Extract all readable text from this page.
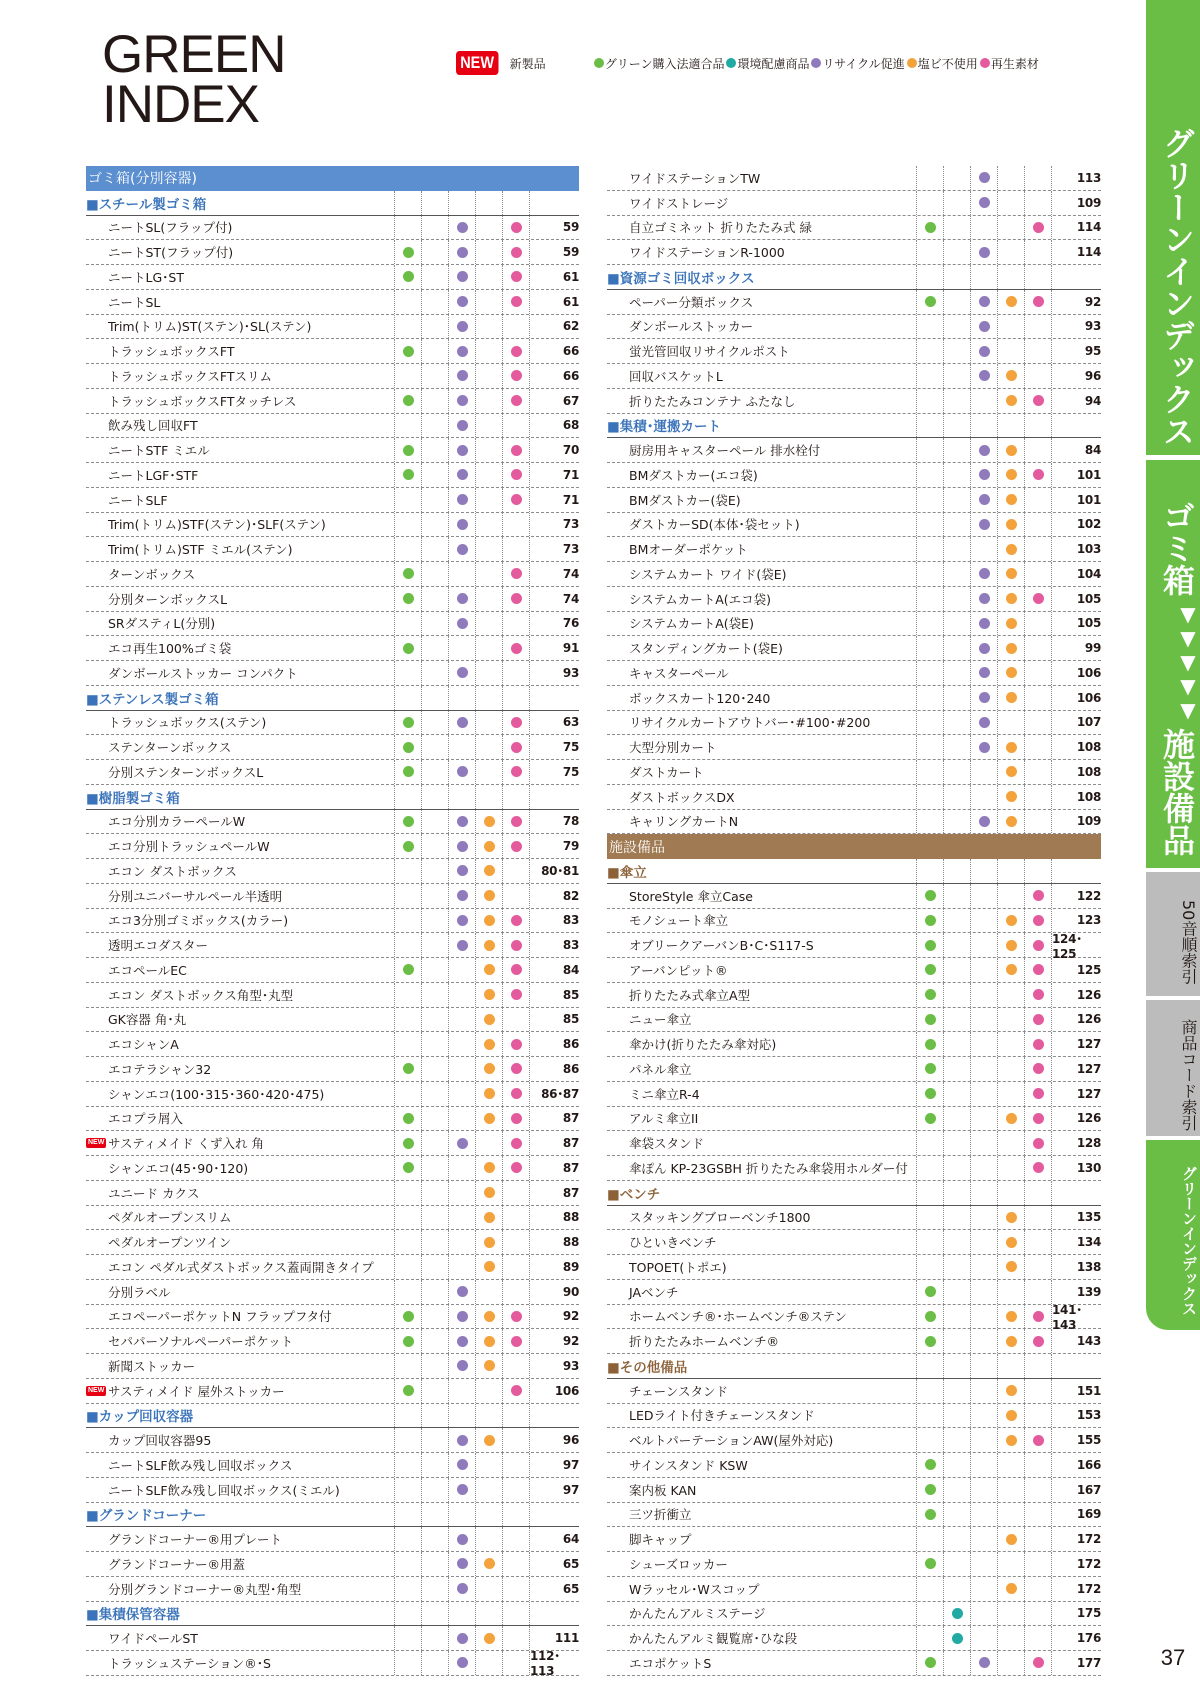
GREEN
INDEX
NEW	新製品	グリーン購入法適合品 環境配慮商品 リサイクル促進 塩ビ不使用 再生素材
ゴミ箱(分別容器)
■スチール製ゴミ箱
ニートSL(フラップ付)	59
ニートST(フラップ付)	59
ニートLG･ST	61
ニートSL	61
Trim(トリム)ST(ステン)･SL(ステン)	62
トラッシュボックスFT	66
トラッシュボックスFTスリム	66
トラッシュボックスFTタッチレス	67
飲み残し回収FT	68
ニートSTF ミエル	70
ニートLGF･STF	71
ニートSLF	71
Trim(トリム)STF(ステン)･SLF(ステン)	73
Trim(トリム)STF ミエル(ステン)	73
ターンボックス	74
分別ターンボックスL	74
SRダスティL(分別)	76
エコ再生100%ゴミ袋	91
ダンボールストッカー コンパクト	93
■ステンレス製ゴミ箱
トラッシュボックス(ステン)	63
ステンターンボックス	75
分別ステンターンボックスL	75
■樹脂製ゴミ箱
エコ分別カラーペールW	78
エコ分別トラッシュペールW	79
エコン ダストボックス	80･81
分別ユニバーサルペール半透明	82
エコ3分別ゴミボックス(カラー)	83
透明エコダスター	83
エコペールEC	84
エコン ダストボックス角型･丸型	85
GK容器 角･丸	85
エコシャンA	86
エコテラシャン32	86
シャンエコ(100･315･360･420･475)	86･87
エコプラ屑入	87
NEW サスティメイド くず入れ 角	87
シャンエコ(45･90･120)	87
ユニード カクス	87
ペダルオープンスリム	88
ペダルオープンツイン	88
エコン ペダル式ダストボックス蓋両開きタイプ	89
分別ラベル	90
エコペーパーポケットN フラップフタ付	92
セパパーソナルペーパーポケット	92
新聞ストッカー	93
NEW サスティメイド 屋外ストッカー	106
■カップ回収容器
カップ回収容器95	96
ニートSLF飲み残し回収ボックス	97
ニートSLF飲み残し回収ボックス(ミエル)	97
■グランドコーナー
グランドコーナー®用プレート	64
グランドコーナー®用蓋	65
分別グランドコーナー®丸型･角型	65
■集積保管容器
ワイドペールST	111
トラッシュステーション®･S	112･113
ワイドステーションTW	113
ワイドストレージ	109
自立ゴミネット 折りたたみ式 緑	114
ワイドステーションR-1000	114
■資源ゴミ回収ボックス
ペーパー分類ボックス	92
ダンボールストッカー	93
蛍光管回収リサイクルポスト	95
回収バスケットL	96
折りたたみコンテナ ふたなし	94
■集積･運搬カート
厨房用キャスターペール 排水栓付	84
BMダストカー(エコ袋)	101
BMダストカー(袋E)	101
ダストカーSD(本体･袋セット)	102
BMオーダーポケット	103
システムカート ワイド(袋E)	104
システムカートA(エコ袋)	105
システムカートA(袋E)	105
スタンディングカート(袋E)	99
キャスターペール	106
ボックスカート120･240	106
リサイクルカートアウトバー･#100･#200	107
大型分別カート	108
ダストカート	108
ダストボックスDX	108
キャリングカートN	109
施設備品
■傘立
StoreStyle 傘立Case	122
モノシュート傘立	123
オブリークアーバンB･C･S117-S	124･125
アーバンピット®	125
折りたたみ式傘立A型	126
ニュー傘立	126
傘かけ(折りたたみ傘対応)	127
パネル傘立	127
ミニ傘立R-4	127
アルミ傘立II	126
傘袋スタンド	128
傘ぽん KP-23GSBH 折りたたみ傘袋用ホルダー付	130
■ベンチ
スタッキングブローベンチ1800	135
ひといきベンチ	134
TOPOET(トポエ)	138
JAベンチ	139
ホームベンチ®･ホームベンチ®ステン	141･143
折りたたみホームベンチ®	143
■その他備品
チェーンスタンド	151
LEDライト付きチェーンスタンド	153
ベルトパーテーションAW(屋外対応)	155
サインスタンド KSW	166
案内板 KAN	167
三ツ折衝立	169
脚キャップ	172
シューズロッカー	172
Wラッセル･Wスコップ	172
かんたんアルミステージ	175
かんたんアルミ観覧席･ひな段	176
エコポケットS	177
グリーンインデックス
ゴミ箱
▼▼▼▼▼
施設備品
50音順索引
商品コード索引
グリーンインデックス
37
